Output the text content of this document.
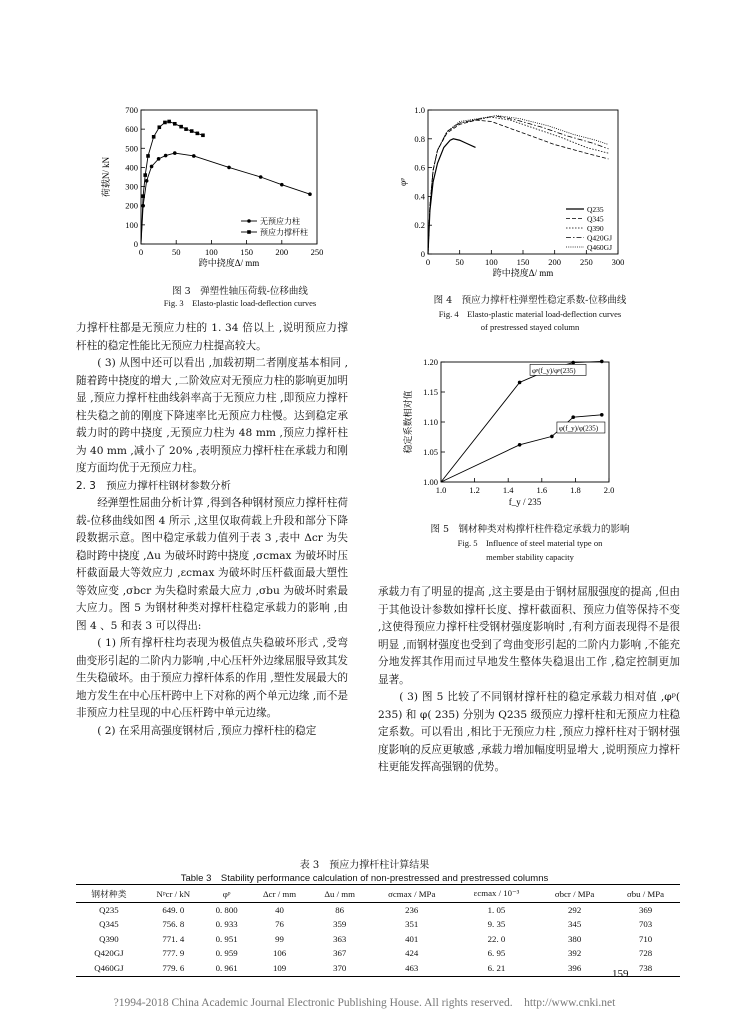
0	50	100	150	200	250
0
100
200
300
400
500
600
700
跨中挠度Δ/ mm
荷载N/ kN
无预应力柱
预应力撑杆柱
图 3　弹塑性轴压荷载-位移曲线
Fig. 3　Elasto-plastic load-deflection curves
0	50 100 150 200 250 300
0
0.2
0.4
0.6
0.8
1.0
跨中挠度Δ/ mm
φᵖ
Q235
Q345
Q390
Q420GJ
Q460GJ
图 4　预应力撑杆柱弹塑性稳定系数-位移曲线
Fig. 4　Elasto-plastic material load-deflection curves
of prestressed stayed column
1.0	1.2	1.4	1.6	1.8	2.0
1.00
1.05
1.10
1.15
1.20
f_y / 235
稳定系数相对值
φᵖ(f_y)/φᵖ(235)
φ(f_y)/φ(235)
图 5　钢材种类对构撑杆柱件稳定承载力的影响
Fig. 5　Influence of steel material type on
member stability capacity

力撑杆柱都是无预应力柱的 1. 34 倍以上 ,说明预应力撑杆柱的稳定性能比无预应力柱提高较大。

( 3) 从图中还可以看出 ,加载初期二者刚度基本相同 ,随着跨中挠度的增大 ,二阶效应对无预应力柱的影响更加明显 ,预应力撑杆柱曲线斜率高于无预应力柱 ,即预应力撑杆柱失稳之前的刚度下降速率比无预应力柱慢。达到稳定承载力时的跨中挠度 ,无预应力柱为 48 mm ,预应力撑杆柱为 40 mm ,减小了 20% ,表明预应力撑杆柱在承载力和刚度方面均优于无预应力柱。

2. 3　预应力撑杆柱钢材参数分析

经弹塑性屈曲分析计算 ,得到各种钢材预应力撑杆柱荷载-位移曲线如图 4 所示 ,这里仅取荷载上升段和部分下降段数据示意。图中稳定承载力值列于表 3 ,表中 Δcr 为失稳时跨中挠度 ,Δu 为破坏时跨中挠度 ,σcmax 为破坏时压杆截面最大等效应力 ,εcmax 为破坏时压杆截面最大塑性等效应变 ,σbcr 为失稳时索最大应力 ,σbu 为破坏时索最大应力。图 5 为钢材种类对撑杆柱稳定承载力的影响 ,由图 4 、5 和表 3 可以得出:

( 1) 所有撑杆柱均表现为极值点失稳破坏形式 ,受弯曲变形引起的二阶内力影响 ,中心压杆外边缘屈服导致其发生失稳破坏。由于预应力撑杆体系的作用 ,塑性发展最大的地方发生在中心压杆跨中上下对称的两个单元边缘 ,而不是非预应力柱呈现的中心压杆跨中单元边缘。

( 2) 在采用高强度钢材后 ,预应力撑杆柱的稳定

承载力有了明显的提高 ,这主要是由于钢材屈服强度的提高 ,但由于其他设计参数如撑杆长度、撑杆截面积、预应力值等保持不变 ,这使得预应力撑杆柱受钢材强度影响时 ,有利方面表现得不是很明显 ,而钢材强度也受到了弯曲变形引起的二阶内力影响 ,不能充分地发挥其作用而过早地发生整体失稳退出工作 ,稳定控制更加显著。

( 3) 图 5 比较了不同钢材撑杆柱的稳定承载力相对值 ,φᵖ( 235) 和 φ( 235) 分别为 Q235 级预应力撑杆柱和无预应力柱稳定系数。可以看出 ,相比于无预应力柱 ,预应力撑杆柱对于钢材强度影响的反应更敏感 ,承载力增加幅度明显增大 ,说明预应力撑杆柱更能发挥高强钢的优势。

表 3　预应力撑杆柱计算结果
Table 3　Stability performance calculation of non-prestressed and prestressed columns
钢材种类	Nᵖcr / kN	φᵖ	Δcr / mm	Δu / mm	σcmax / MPa	εcmax / 10⁻³	σbcr / MPa	σbu / MPa
Q235	649. 0	0. 800	40	86	236	1. 05	292	369
Q345	756. 8	0. 933	76	359	351	9. 35	345	703
Q390	771. 4	0. 951	99	363	401	22. 0	380	710
Q420GJ	777. 9	0. 959	106	367	424	6. 95	392	728
Q460GJ	779. 6	0. 961	109	370	463	6. 21	396	738
159
?1994-2018 China Academic Journal Electronic Publishing House. All rights reserved.　http://www.cnki.net
